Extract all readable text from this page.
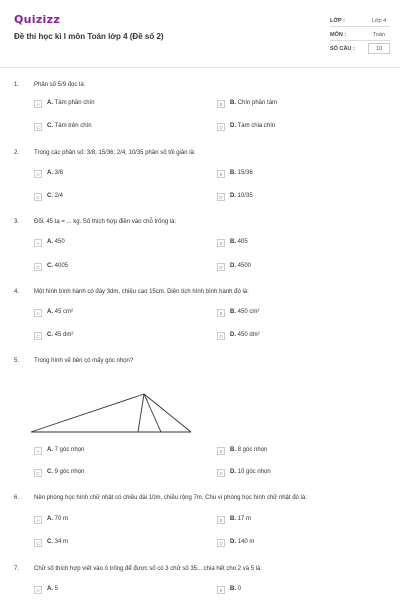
Quizizz
Đề thi học kì I môn Toán lớp 4 (Đề số 2)
LỚP :	Lớp 4
MÔN :	Toán
SỐ CÂU :	10
1. Phân số 5/9 đọc là:
A	A. Tám phần chín	B	B. Chín phần tám
C	C. Tám trên chín	D	D. Tám chia chín
2. Trong các phân số: 3/8; 15/36; 2/4; 10/35 phân số tối giản là:
A	A. 3/8	B	B. 15/36
C	C. 2/4	D	D. 10/35
3. Đổi: 45 tạ = ... kg. Số thích hợp điền vào chỗ trống là:
A	A. 450	B	B. 405
C	C. 4005	D	D. 4500
4. Một hình bình hành có đáy 3dm, chiều cao 15cm. Diện tích hình bình hành đó là:
A	A. 45 cm²	B	B. 450 cm²
C	C. 45 dm²	D	D. 450 dm²
5. Trong hình vẽ bên có mấy góc nhọn?
A	A. 7 góc nhọn	B	B. 8 góc nhọn
C	C. 9 góc nhọn	D	D. 10 góc nhọn
6. Nền phòng học hình chữ nhật có chiều dài 10m, chiều rộng 7m. Chu vi phòng học hình chữ nhật đó là:
A	A. 70 m	B	B. 17 m
C	C. 34 m	D	D. 140 m
7. Chữ số thích hợp viết vào ô trống để được số có 3 chữ số 35... chia hết cho 2 và 5 là:
A	A. 5	B	B. 0
